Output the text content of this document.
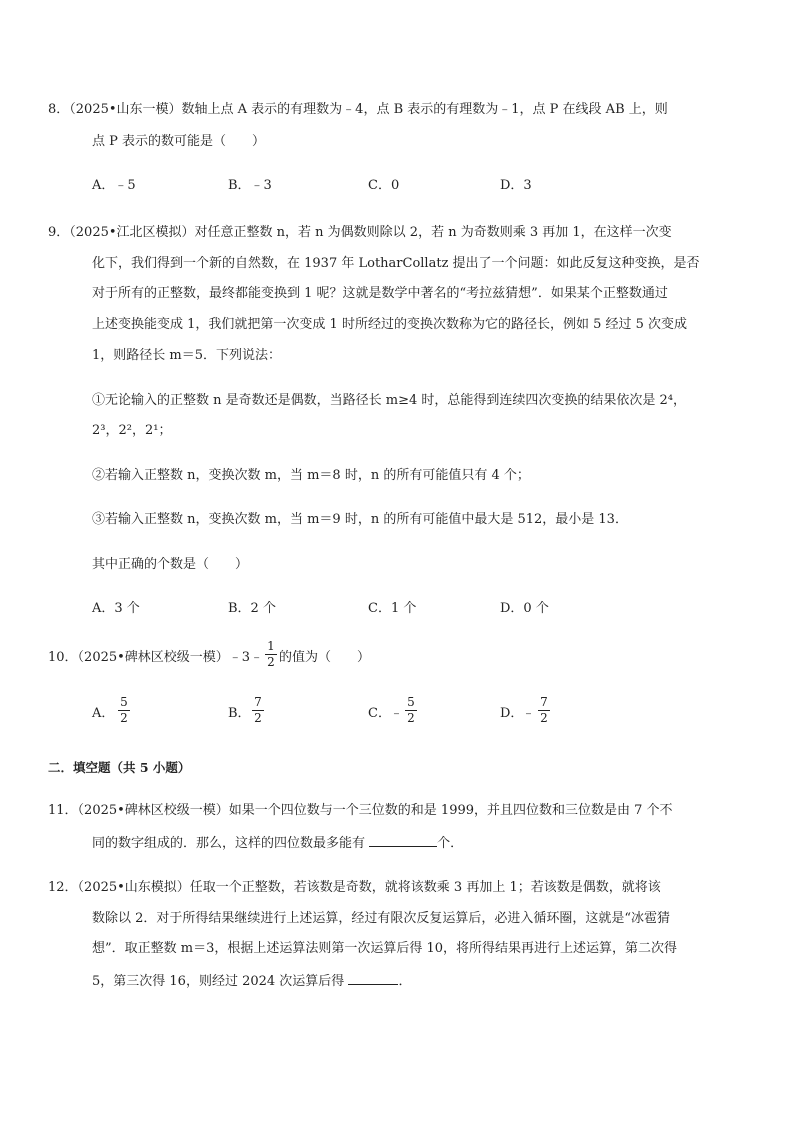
8．（2025•山东一模）数轴上点 A 表示的有理数为﹣4，点 B 表示的有理数为﹣1，点 P 在线段 AB 上，则
点 P 表示的数可能是（　　）
A．﹣5	B．﹣3	C．0	D．3
9．（2025•江北区模拟）对任意正整数 n，若 n 为偶数则除以 2，若 n 为奇数则乘 3 再加 1，在这样一次变
化下，我们得到一个新的自然数，在 1937 年 LotharCollatz 提出了一个问题：如此反复这种变换，是否
对于所有的正整数，最终都能变换到 1 呢？这就是数学中著名的“考拉兹猜想”．如果某个正整数通过
上述变换能变成 1，我们就把第一次变成 1 时所经过的变换次数称为它的路径长，例如 5 经过 5 次变成
1，则路径长 m＝5．下列说法：
①无论输入的正整数 n 是奇数还是偶数，当路径长 m≥4 时，总能得到连续四次变换的结果依次是 2⁴，
2³，2²，2¹；
②若输入正整数 n，变换次数 m，当 m＝8 时，n 的所有可能值只有 4 个；
③若输入正整数 n，变换次数 m，当 m＝9 时，n 的所有可能值中最大是 512，最小是 13．
其中正确的个数是（　　）
A．3 个	B．2 个	C．1 个	D．0 个
10．（2025•碑林区校级一模）﹣3﹣
1
2 的值为（　　）
A．
5
2	B．
7
2	C． ﹣
5
2	D．
﹣
7
2
二．填空题（共 5 小题）
11．（2025•碑林区校级一模）如果一个四位数与一个三位数的和是 1999，并且四位数和三位数是由 7 个不
同的数字组成的．那么，这样的四位数最多能有	个．
12．（2025•山东模拟）任取一个正整数，若该数是奇数，就将该数乘 3 再加上 1；若该数是偶数，就将该
数除以 2．对于所得结果继续进行上述运算，经过有限次反复运算后，必进入循环圈，这就是“冰雹猜
想”．取正整数 m＝3，根据上述运算法则第一次运算后得 10，将所得结果再进行上述运算，第二次得
5，第三次得 16，则经过 2024 次运算后得	．
